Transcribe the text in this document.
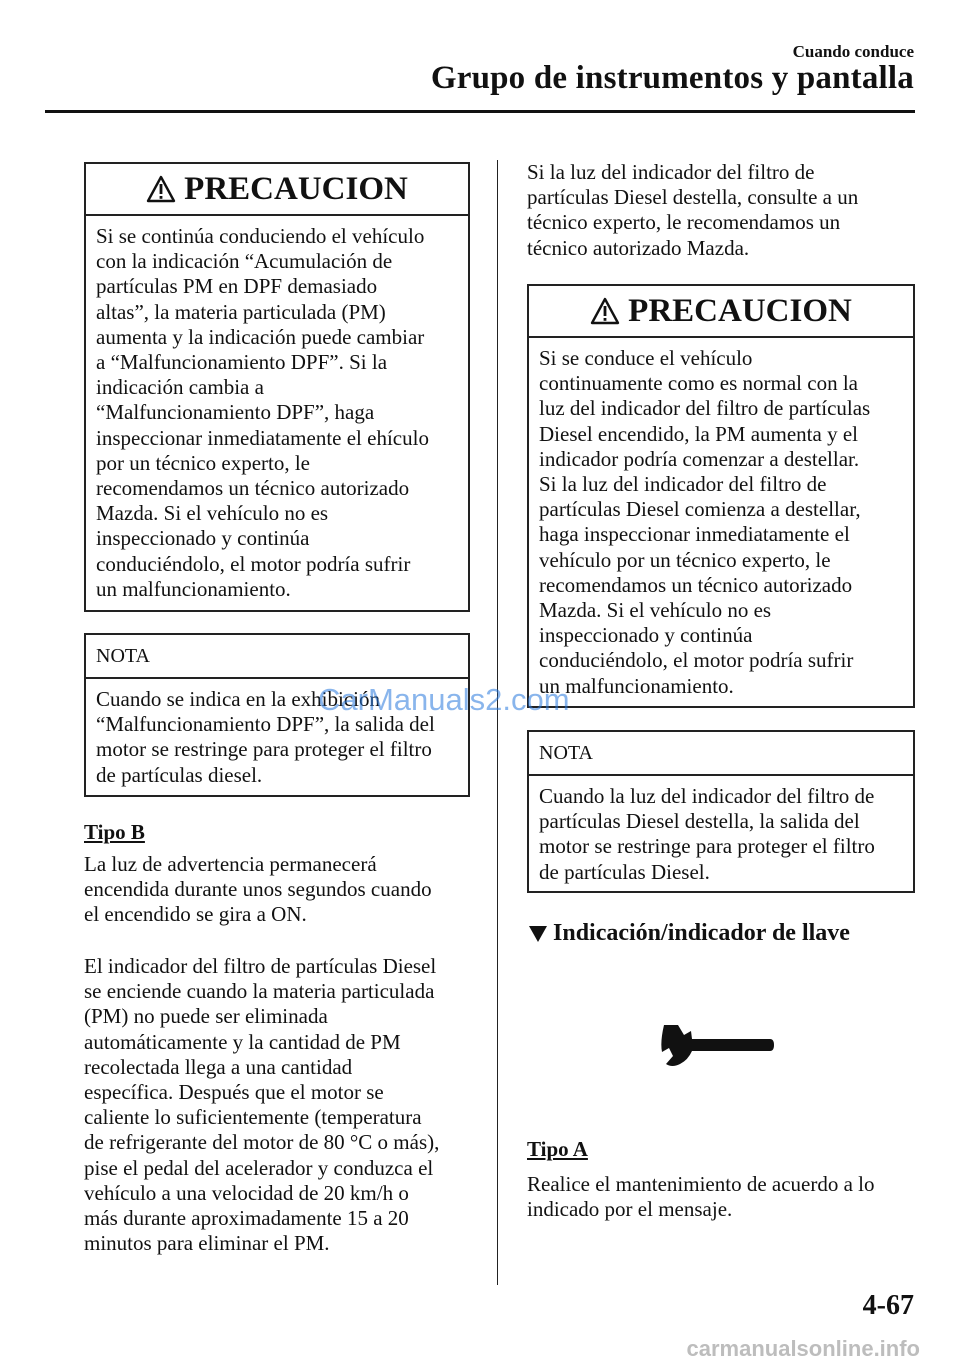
Cuando conduce
Grupo de instrumentos y pantalla
PRECAUCION
Si se continúa conduciendo el vehículo
con la indicación “Acumulación de
partículas PM en DPF demasiado
altas”, la materia particulada (PM)
aumenta y la indicación puede cambiar
a “Malfuncionamiento DPF”. Si la
indicación cambia a
“Malfuncionamiento DPF”, haga
inspeccionar inmediatamente el ehículo
por un técnico experto, le
recomendamos un técnico autorizado
Mazda. Si el vehículo no es
inspeccionado y continúa
conduciéndolo, el motor podría sufrir
un malfuncionamiento.
NOTA
Cuando se indica en la exhibición
“Malfuncionamiento DPF”, la salida del
motor se restringe para proteger el filtro
de partículas diesel.

Tipo B

La luz de advertencia permanecerá
encendida durante unos segundos cuando
el encendido se gira a ON.
El indicador del filtro de partículas Diesel
se enciende cuando la materia particulada
(PM) no puede ser eliminada
automáticamente y la cantidad de PM
recolectada llega a una cantidad
específica. Después que el motor se
caliente lo suficientemente (temperatura
de refrigerante del motor de 80 °C o más),
pise el pedal del acelerador y conduzca el
vehículo a una velocidad de 20 km/h o
más durante aproximadamente 15 a 20
minutos para eliminar el PM.
Si la luz del indicador del filtro de
partículas Diesel destella, consulte a un
técnico experto, le recomendamos un
técnico autorizado Mazda.
PRECAUCION
Si se conduce el vehículo
continuamente como es normal con la
luz del indicador del filtro de partículas
Diesel encendido, la PM aumenta y el
indicador podría comenzar a destellar.
Si la luz del indicador del filtro de
partículas Diesel comienza a destellar,
haga inspeccionar inmediatamente el
vehículo por un técnico experto, le
recomendamos un técnico autorizado
Mazda. Si el vehículo no es
inspeccionado y continúa
conduciéndolo, el motor podría sufrir
un malfuncionamiento.
NOTA
Cuando la luz del indicador del filtro de
partículas Diesel destella, la salida del
motor se restringe para proteger el filtro
de partículas Diesel.
Indicación/indicador de llave

Tipo A

Realice el mantenimiento de acuerdo a lo
indicado por el mensaje.
CarManuals2.com
4-67
carmanualsonline.info
